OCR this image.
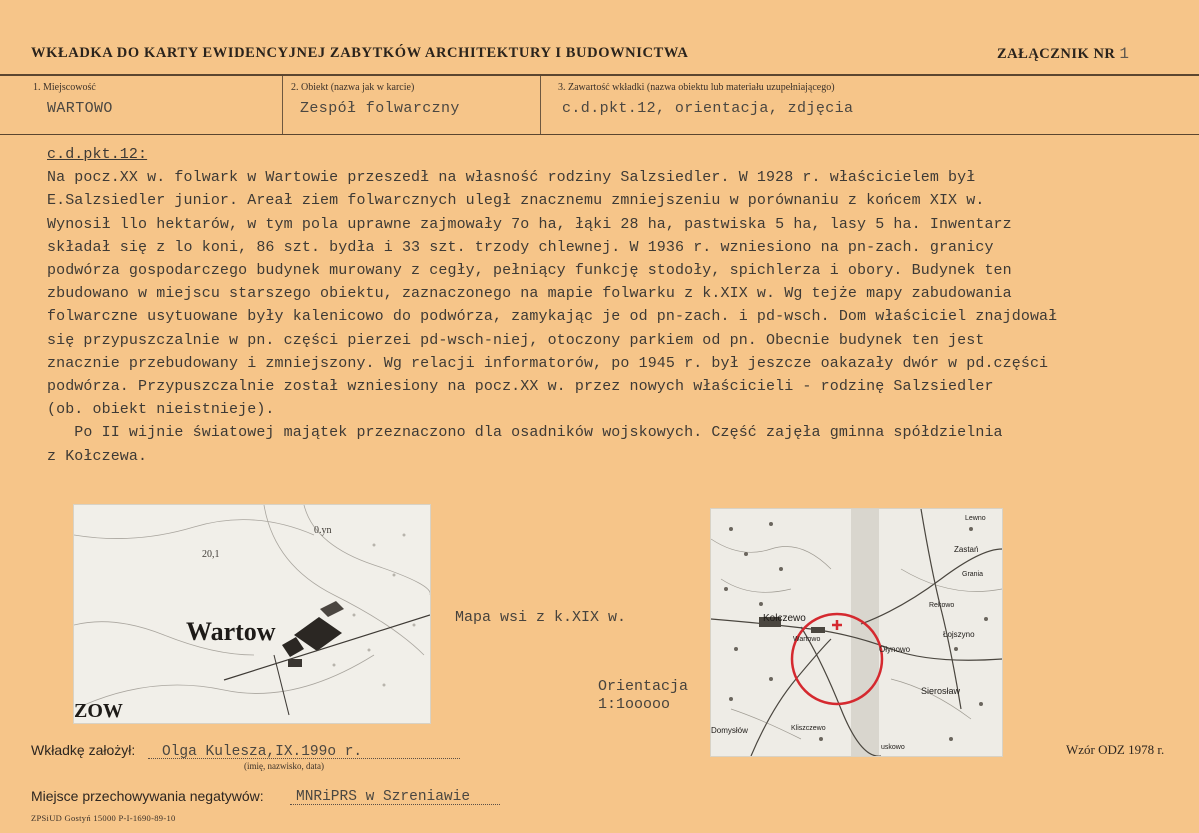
WKŁADKA DO KARTY EWIDENCYJNEJ ZABYTKÓW ARCHITEKTURY I BUDOWNICTWA	ZAŁĄCZNIK NR 1
1. Miejscowość
WARTOWO
2. Obiekt (nazwa jak w karcie)
Zespół folwarczny
3. Zawartość wkładki (nazwa obiektu lub materiału uzupełniającego)
c.d.pkt.12, orientacja, zdjęcia
c.d.pkt.12:
Na pocz.XX w. folwark w Wartowie przeszedł na własność rodziny Salzsiedler. W 1928 r. właścicielem był
E.Salzsiedler junior. Areał ziem folwarcznych uległ znacznemu zmniejszeniu w porównaniu z końcem XIX w.
Wynosił llo hektarów, w tym pola uprawne zajmowały 7o ha, łąki 28 ha, pastwiska 5 ha, lasy 5 ha. Inwentarz
składał się z lo koni, 86 szt. bydła i 33 szt. trzody chlewnej. W 1936 r. wzniesiono na pn-zach. granicy
podwórza gospodarczego budynek murowany z cegły, pełniący funkcję stodoły, spichlerza i obory. Budynek ten
zbudowano w miejscu starszego obiektu, zaznaczonego na mapie folwarku z k.XIX w. Wg tejże mapy zabudowania
folwarczne usytuowane były kalenicowo do podwórza, zamykając je od pn-zach. i pd-wsch. Dom właściciel znajdował
się przypuszczalnie w pn. części pierzei pd-wsch-niej, otoczony parkiem od pn. Obecnie budynek ten jest
znacznie przebudowany i zmniejszony. Wg relacji informatorów, po 1945 r. był jeszcze oakazały dwór w pd.części
podwórza. Przypuszczalnie został wzniesiony na pocz.XX w. przez nowych właścicieli - rodzinę Salzsiedler
(ob. obiekt nieistnieje).
Po II wijnie światowej majątek przeznaczono dla osadników wojskowych. Część zajęła gminna spółdzielnia
z Kołczewa.
Wartow
ZOW
20,1
0.yn
Mapa wsi z k.XIX w.
Orientacja
1:1ooooo
Kołczewo
Wartowo
Ołynowo
Zastań
Grania
Rekowo
Łojszyno
Sierosław
Domysłów	Kliszczewo
Lewno
uskowo
Wkładkę założył: Olga Kulesza,IX.199o r.
(imię, nazwisko, data)
Wzór ODZ 1978 r.
Miejsce przechowywania negatywów: MNRiPRS w Szreniawie
ZPSiUD Gostyń 15000 P-I-1690-89-10
